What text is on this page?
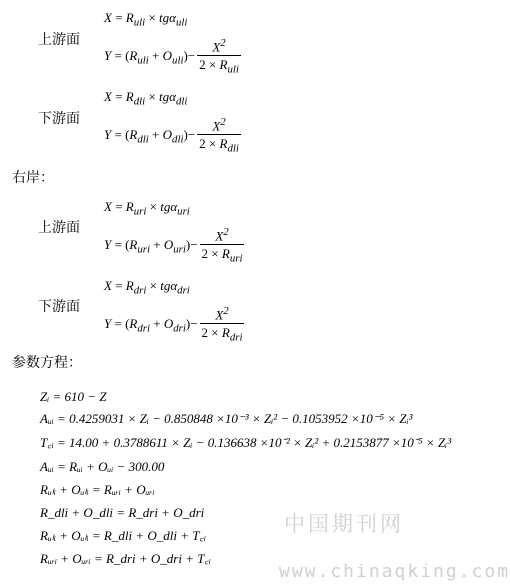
上游面
$X = R_{uli} \times tg\alpha_{uli}$
$Y = (R_{uli} + O_{uli})- \frac{X^2}{2 \times R_{uli}}$
下游面
$X = R_{dli} \times tg\alpha_{dli}$
$Y = (R_{dli} + O_{dli})- \frac{X^2}{2 \times R_{dli}}$
右岸：
上游面
$X = R_{uri} \times tg\alpha_{uri}$
$Y = (R_{uri} + O_{uri})- \frac{X^2}{2 \times R_{uri}}$
下游面
$X = R_{dri} \times tg\alpha_{dri}$
$Y = (R_{dri} + O_{dri})- \frac{X^2}{2 \times R_{dri}}$
参数方程：
Zᵢ = 610 − Z
Aᵤᵢ = 0.4259031 × Zᵢ − 0.850848 ×10⁻³ × Zᵢ² − 0.1053952 ×10⁻⁵ × Zᵢ³
T꜀ᵢ = 14.00 + 0.3788611 × Zᵢ − 0.136638 ×10⁻² × Zᵢ² + 0.2153877 ×10⁻⁵ × Zᵢ³
Aᵤᵢ = Rᵤᵢ + Oᵤᵢ − 300.00
Rᵤₗᵢ + Oᵤₗᵢ = Rᵤᵣᵢ + Oᵤᵣᵢ
R_dli + O_dli = R_dri + O_dri
Rᵤₗᵢ + Oᵤₗᵢ = R_dli + O_dli + T꜀ᵢ
Rᵤᵣᵢ + Oᵤᵣᵢ = R_dri + O_dri + T꜀ᵢ
中国期刊网
www.chinaqking.com
